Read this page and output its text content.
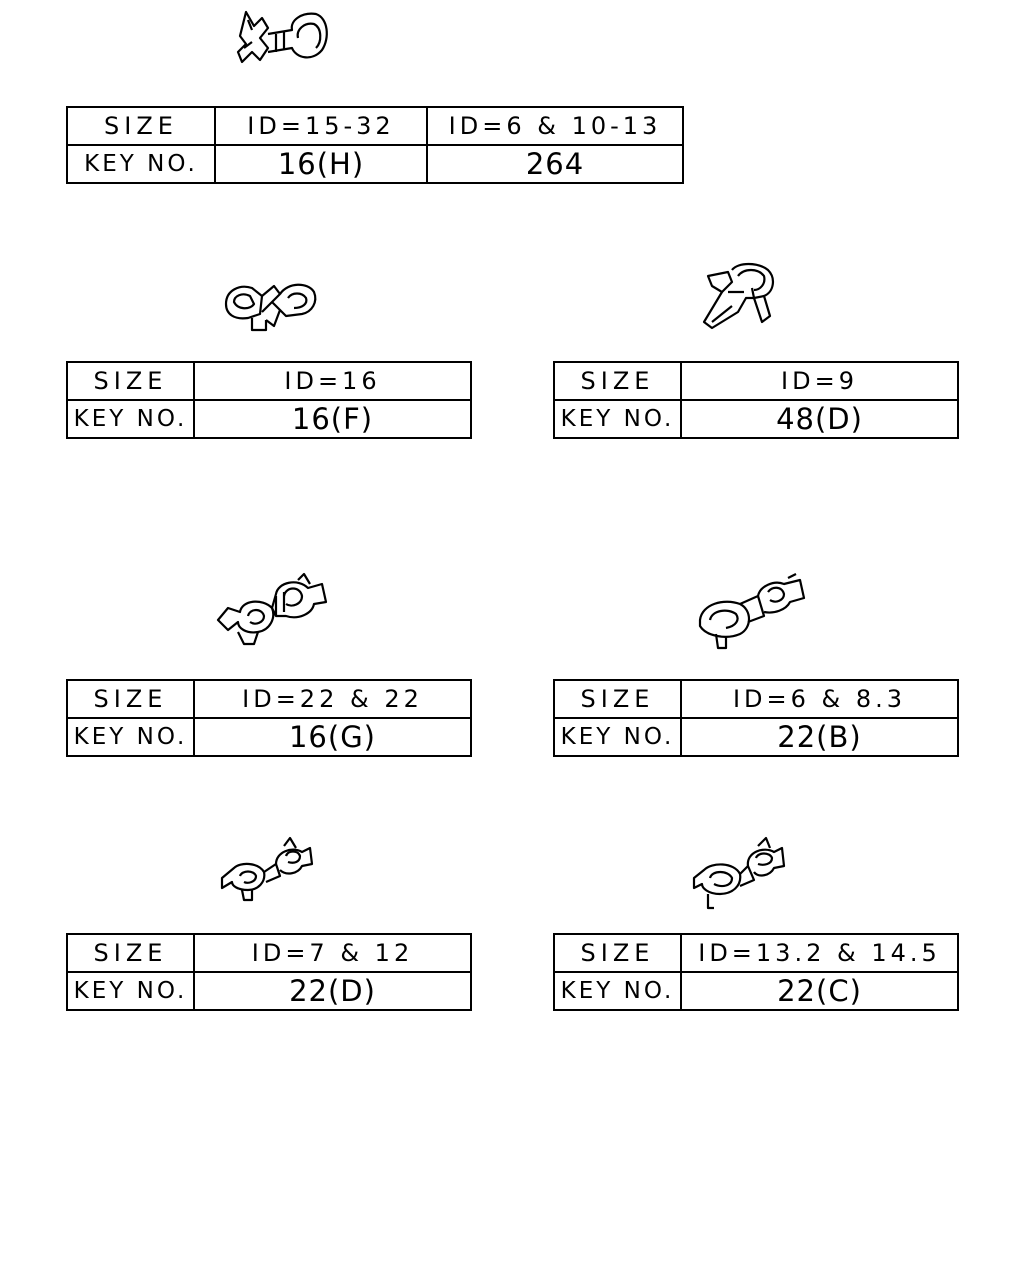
SIZE	ID=15-32	ID=6 & 10-13
KEY NO.	16(H)	264
SIZE	ID=16
KEY NO.	16(F)
SIZE	ID=9
KEY NO.	48(D)
SIZE	ID=22 & 22
KEY NO.	16(G)
SIZE	ID=6 & 8.3
KEY NO.	22(B)
SIZE	ID=7 & 12
KEY NO.	22(D)
SIZE	ID=13.2 & 14.5
KEY NO.	22(C)
